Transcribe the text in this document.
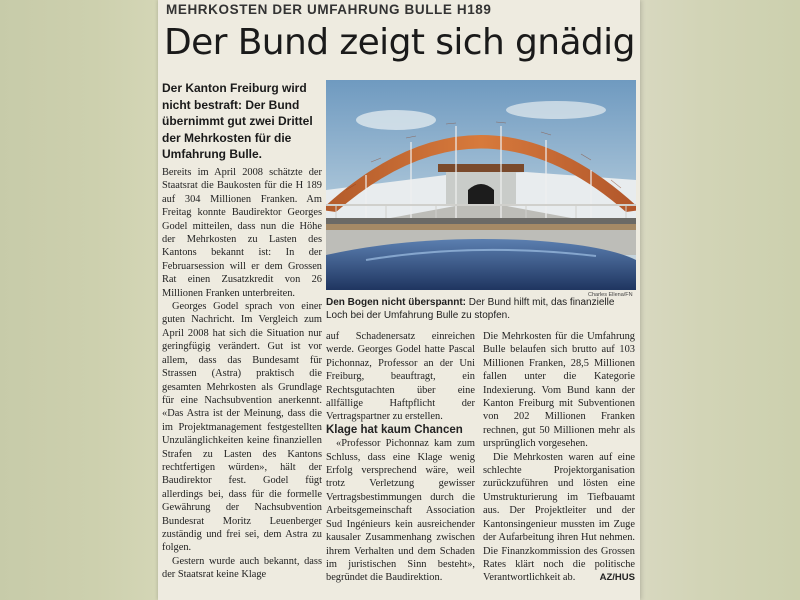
MEHRKOSTEN DER UMFAHRUNG BULLE H189
Der Bund zeigt sich gnädig
Der Kanton Freiburg wird nicht bestraft: Der Bund übernimmt gut zwei Drittel der Mehrkosten für die Umfahrung Bulle.
Charles Ellena/FN
Den Bogen nicht überspannt: Der Bund hilft mit, das finanzielle Loch bei der Umfahrung Bulle zu stopfen.

Bereits im April 2008 schätzte der Staatsrat die Baukosten für die H 189 auf 304 Millionen Franken. Am Freitag konnte Baudirektor Georges Godel mitteilen, dass nun die Höhe der Mehrkosten zu Lasten des Kantons bekannt ist: In der Februarsession will er dem Grossen Rat einen Zusatzkredit von 26 Millionen Franken unterbreiten.

Georges Godel sprach von einer guten Nachricht. Im Vergleich zum April 2008 hat sich die Situation nur geringfügig verändert. Gut ist vor allem, dass das Bundesamt für Strassen (Astra) praktisch die gesamten Mehrkosten als Grundlage für eine Nachsubvention anerkennt. «Das Astra ist der Meinung, dass die im Projektmanagement festgestellten Unzulänglichkeiten keine finanziellen Strafen zu Lasten des Kantons rechtfertigen würden», hält der Baudirektor fest. Godel fügt allerdings bei, dass für die formelle Gewährung der Nachsubvention Bundesrat Moritz Leuenberger zuständig und frei sei, dem Astra zu folgen.

Gestern wurde auch bekannt, dass der Staatsrat keine Klage

auf Schadenersatz einreichen werde. Georges Godel hatte Pascal Pichonnaz, Professor an der Uni Freiburg, beauftragt, ein Rechtsgutachten über eine allfällige Haftpflicht der Vertragspartner zu erstellen.

Klage hat kaum Chancen

«Professor Pichonnaz kam zum Schluss, dass eine Klage wenig Erfolg versprechend wäre, weil trotz Verletzung gewisser Vertragsbestimmungen durch die Arbeitsgemeinschaft Association Sud Ingénieurs kein ausreichender kausaler Zusammenhang zwischen ihrem Verhalten und dem Schaden im juristischen Sinn besteht», begründet die Baudirektion.

Die Mehrkosten für die Umfahrung Bulle belaufen sich brutto auf 103 Millionen Franken, 28,5 Millionen fallen unter die Kategorie Indexierung. Vom Bund kann der Kanton Freiburg mit Subventionen von 202 Millionen Franken rechnen, gut 50 Millionen mehr als ursprünglich vorgesehen.

Die Mehrkosten waren auf eine schlechte Projektorganisation zurückzuführen und lösten eine Umstrukturierung im Tiefbauamt aus. Der Projektleiter und der Kantonsingenieur mussten im Zuge der Aufarbeitung ihren Hut nehmen. Die Finanzkommission des Grossen Rates klärt noch die politische Verantwortlichkeit ab.	AZ/HUS
